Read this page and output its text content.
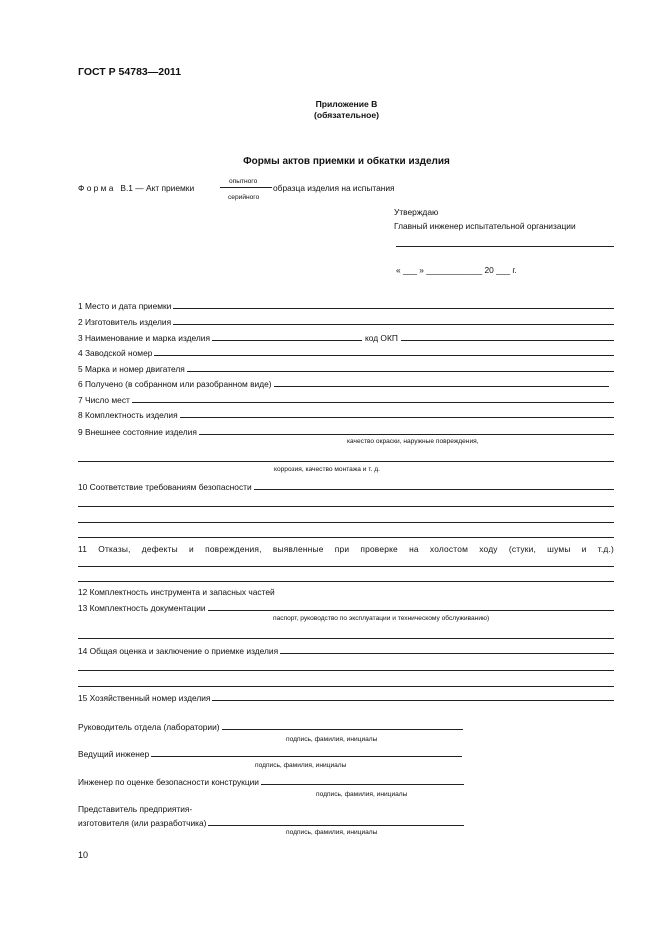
ГОСТ Р 54783—2011
Приложение В
(обязательное)
Формы актов приемки и обкатки изделия
Ф о р м а   В.1 — Акт приемки
опытного
серийного
образца изделия на испытания
Утверждаю
Главный инженер испытательной организации
« ___ » ____________ 20 ___ г.
1 Место и дата приемки
2 Изготовитель изделия
3 Наименование и марка изделия	код ОКП
4 Заводской номер
5 Марка и номер двигателя
6 Получено (в собранном или разобранном виде)
7 Число мест
8 Комплектность изделия
9 Внешнее состояние изделия
качество окраски, наружные повреждения,
коррозия, качество монтажа и т. д.
10 Соответствие требованиям безопасности
11 Отказы, дефекты и повреждения, выявленные при проверке на холостом ходу (стуки, шумы и т.д.)
12 Комплектность инструмента и запасных частей
13 Комплектность документации
паспорт, руководство по эксплуатации и техническому обслуживанию)
14 Общая оценка и заключение о приемке изделия
15 Хозяйственный номер изделия
Руководитель отдела (лаборатории)
подпись, фамилия, инициалы
Ведущий инженер
подпись, фамилия, инициалы
Инженер по оценке безопасности конструкции
подпись, фамилия, инициалы
Представитель предприятия-
изготовителя (или разработчика)
подпись, фамилия, инициалы
10
